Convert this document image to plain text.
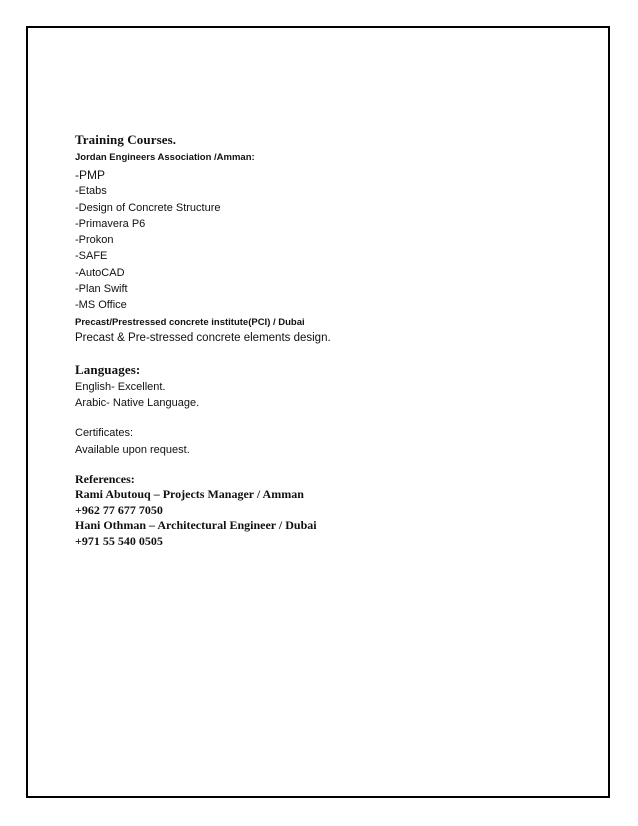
Training Courses.

Jordan Engineers Association /Amman:

-PMP

-Etabs

-Design of Concrete Structure

-Primavera P6

-Prokon

-SAFE

-AutoCAD

-Plan Swift

-MS Office

Precast/Prestressed concrete institute(PCI) / Dubai

Precast & Pre-stressed concrete elements design.

Languages:

English- Excellent.

Arabic- Native Language.

Certificates:

Available upon request.

References:

Rami Abutouq – Projects Manager / Amman

+962 77 677 7050

Hani Othman – Architectural Engineer / Dubai

+971 55 540 0505
